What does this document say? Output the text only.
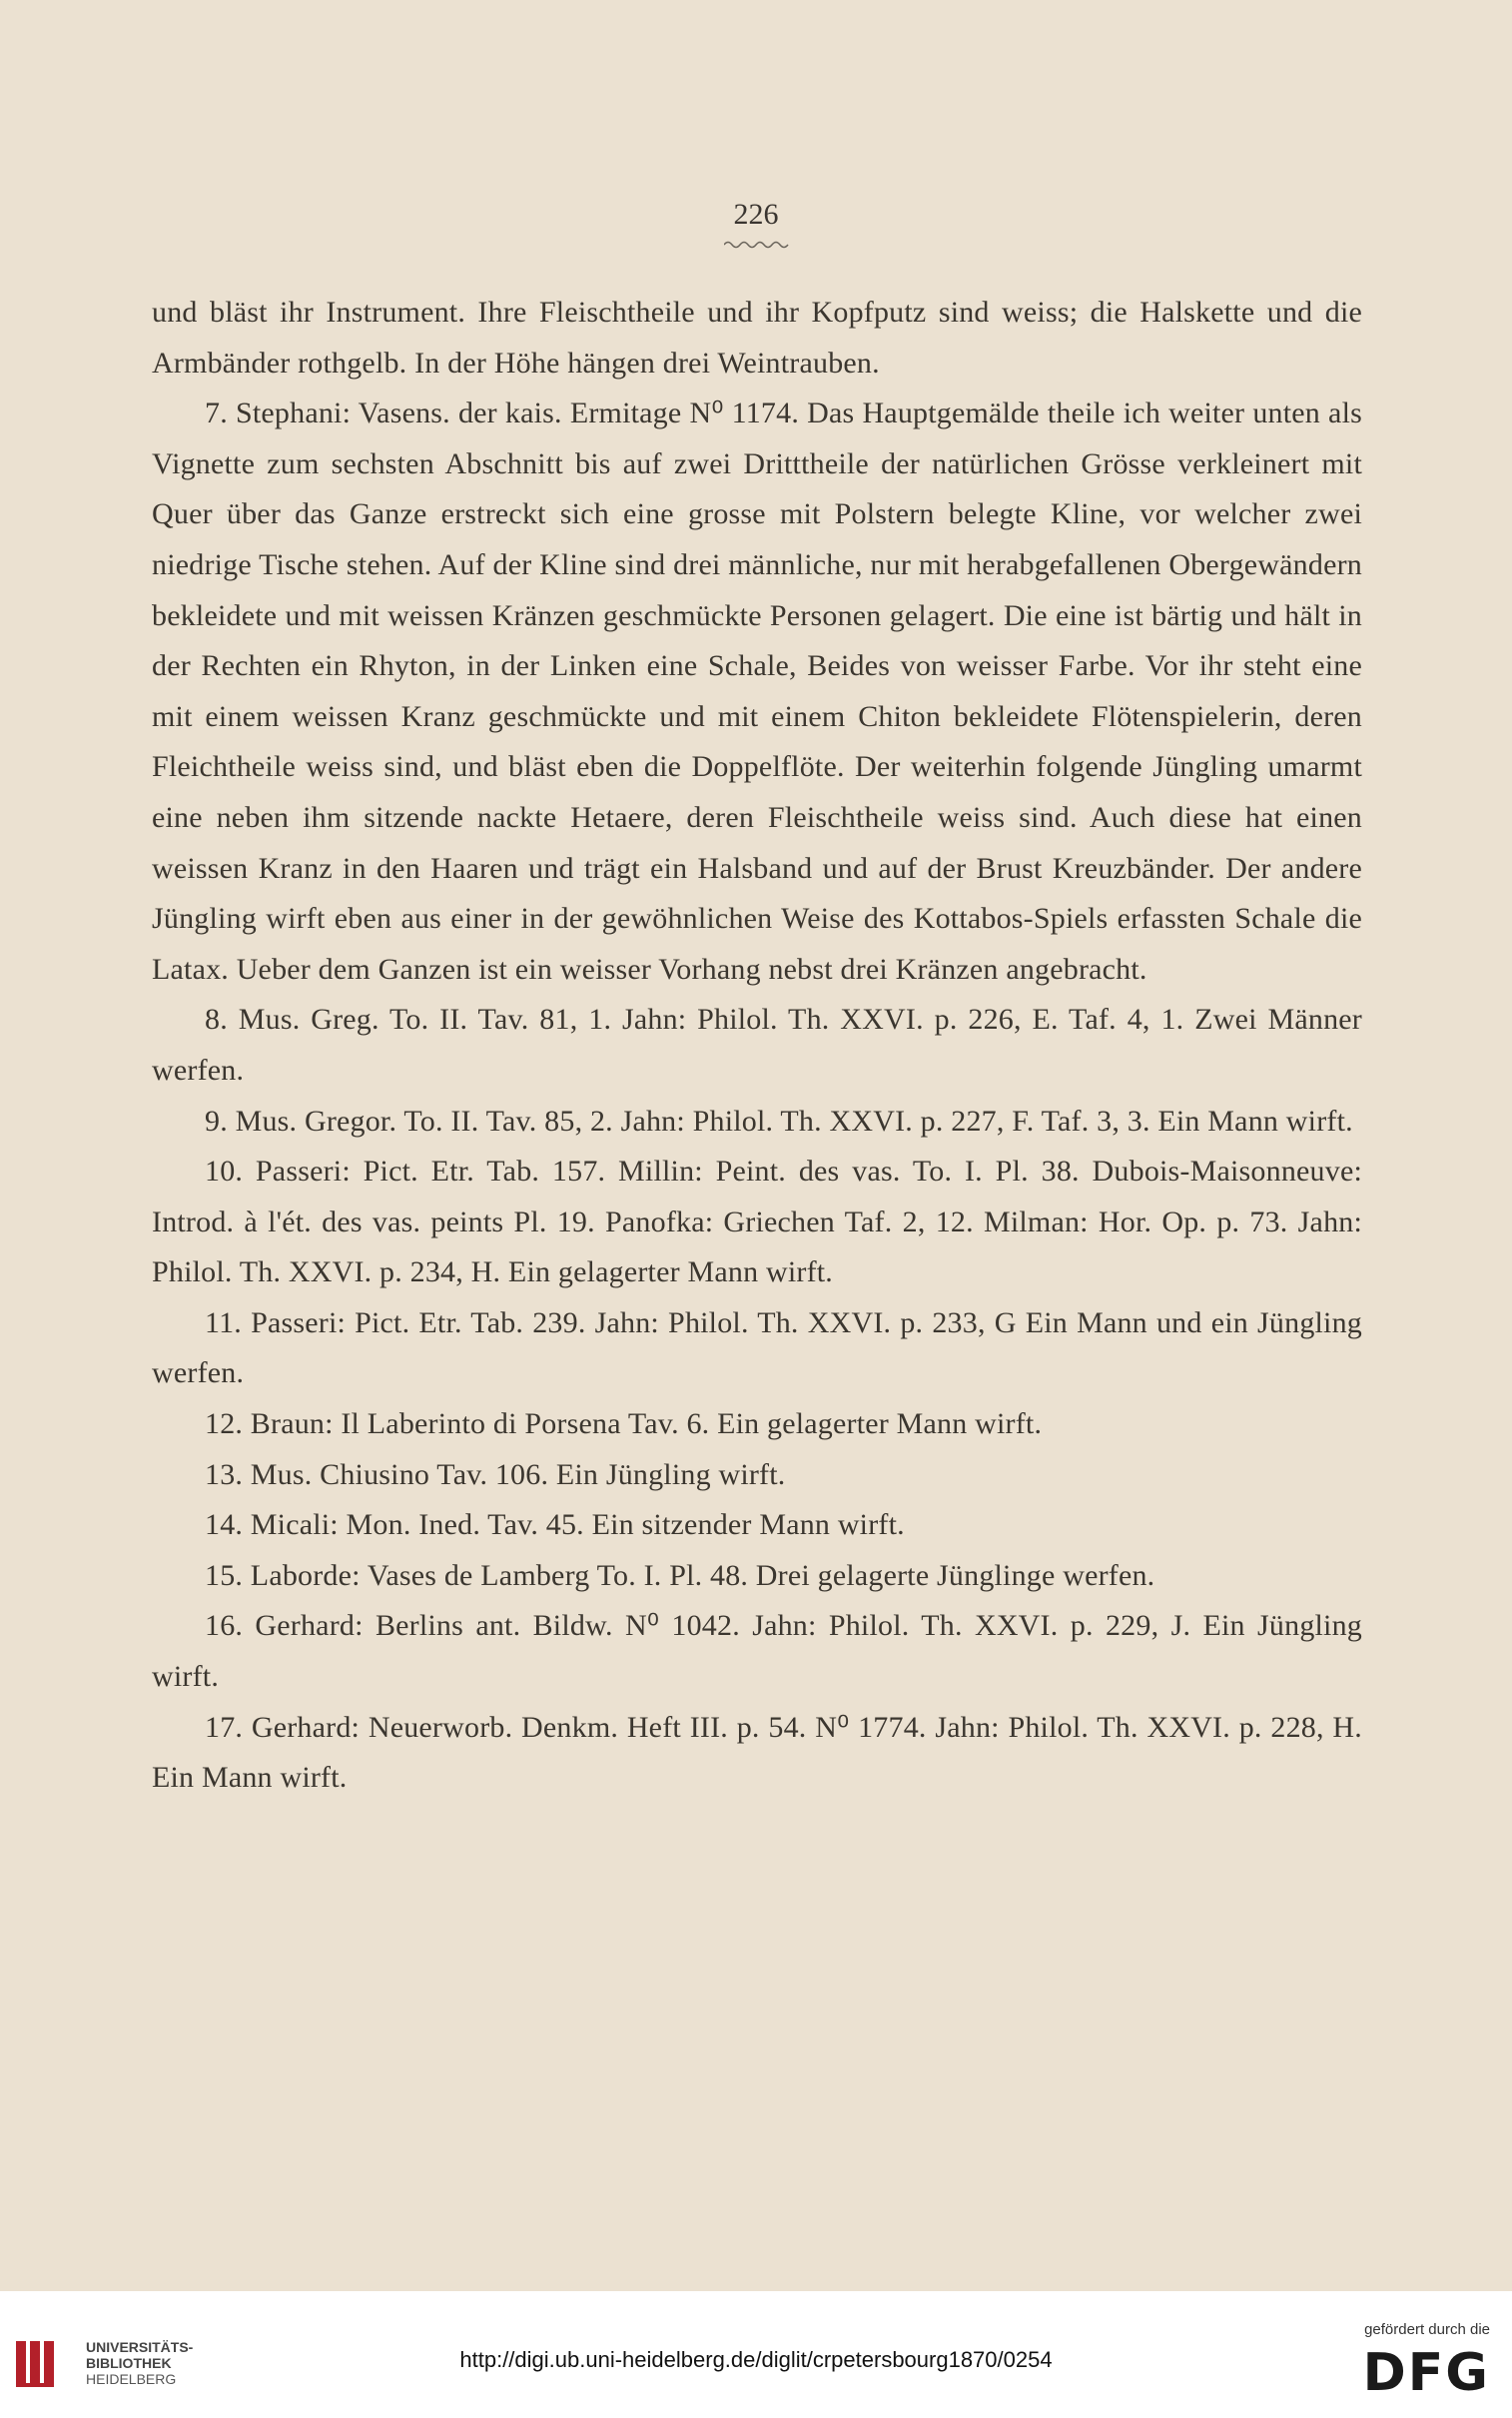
226

und bläst ihr Instrument. Ihre Fleischtheile und ihr Kopfputz sind weiss; die Halskette und die Armbänder rothgelb. In der Höhe hängen drei Weintrauben.

7. Stephani: Vasens. der kais. Ermitage N⁰ 1174. Das Hauptgemälde theile ich weiter unten als Vignette zum sechsten Abschnitt bis auf zwei Dritttheile der natürlichen Grösse verkleinert mit Quer über das Ganze erstreckt sich eine grosse mit Polstern belegte Kline, vor welcher zwei niedrige Tische stehen. Auf der Kline sind drei männliche, nur mit herabgefallenen Obergewändern bekleidete und mit weissen Kränzen geschmückte Personen gelagert. Die eine ist bärtig und hält in der Rechten ein Rhyton, in der Linken eine Schale, Beides von weisser Farbe. Vor ihr steht eine mit einem weissen Kranz geschmückte und mit einem Chiton bekleidete Flötenspielerin, deren Fleichtheile weiss sind, und bläst eben die Doppelflöte. Der weiterhin folgende Jüngling umarmt eine neben ihm sitzende nackte Hetaere, deren Fleischtheile weiss sind. Auch diese hat einen weissen Kranz in den Haaren und trägt ein Halsband und auf der Brust Kreuzbänder. Der andere Jüngling wirft eben aus einer in der gewöhnlichen Weise des Kottabos-Spiels erfassten Schale die Latax. Ueber dem Ganzen ist ein weisser Vorhang nebst drei Kränzen angebracht.

8. Mus. Greg. To. II. Tav. 81, 1. Jahn: Philol. Th. XXVI. p. 226, E. Taf. 4, 1. Zwei Männer werfen.

9. Mus. Gregor. To. II. Tav. 85, 2. Jahn: Philol. Th. XXVI. p. 227, F. Taf. 3, 3. Ein Mann wirft.

10. Passeri: Pict. Etr. Tab. 157. Millin: Peint. des vas. To. I. Pl. 38. Dubois-Maisonneuve: Introd. à l'ét. des vas. peints Pl. 19. Panofka: Griechen Taf. 2, 12. Milman: Hor. Op. p. 73. Jahn: Philol. Th. XXVI. p. 234, H. Ein gelagerter Mann wirft.

11. Passeri: Pict. Etr. Tab. 239. Jahn: Philol. Th. XXVI. p. 233, G Ein Mann und ein Jüngling werfen.

12. Braun: Il Laberinto di Porsena Tav. 6. Ein gelagerter Mann wirft.

13. Mus. Chiusino Tav. 106. Ein Jüngling wirft.

14. Micali: Mon. Ined. Tav. 45. Ein sitzender Mann wirft.

15. Laborde: Vases de Lamberg To. I. Pl. 48. Drei gelagerte Jünglinge werfen.

16. Gerhard: Berlins ant. Bildw. N⁰ 1042. Jahn: Philol. Th. XXVI. p. 229, J. Ein Jüngling wirft.

17. Gerhard: Neuerworb. Denkm. Heft III. p. 54. N⁰ 1774. Jahn: Philol. Th. XXVI. p. 228, H. Ein Mann wirft.

UNIVERSITÄTS-
BIBLIOTHEK
HEIDELBERG
http://digi.ub.uni-heidelberg.de/diglit/crpetersbourg1870/0254
gefördert durch die
DFG
